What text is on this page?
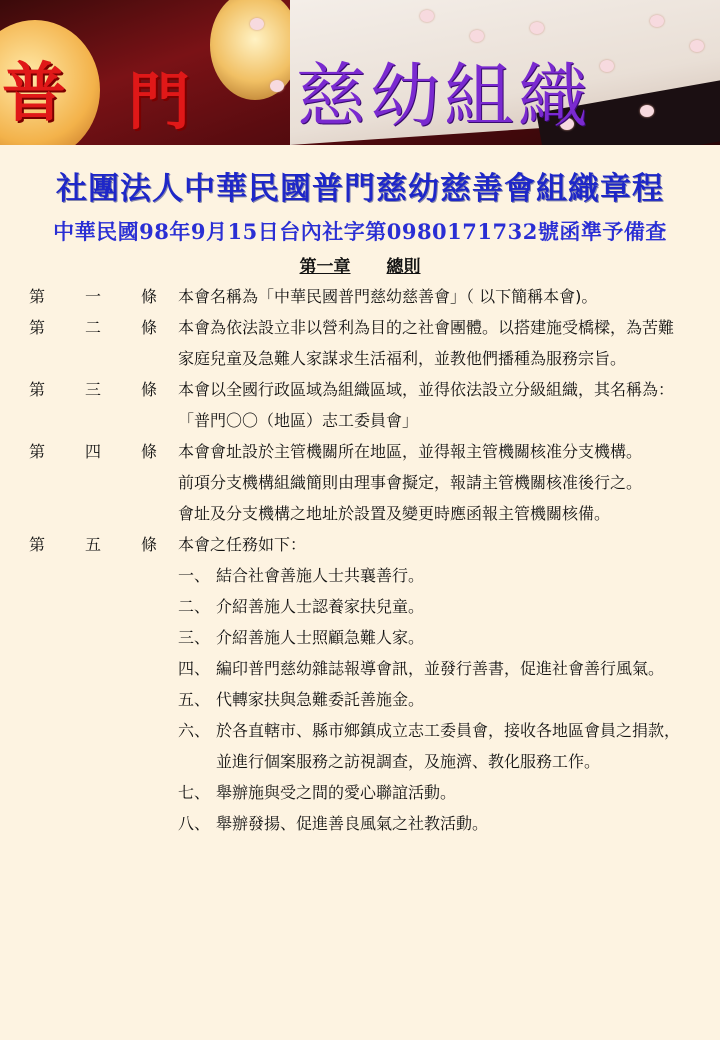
普 門 慈幼組織
社團法人中華民國普門慈幼慈善會組織章程
中華民國98年9月15日台內社字第0980171732號函準予備查
第一章 總則
第 一 條 本會名稱為「中華民國普門慈幼慈善會」（ 以下簡稱本會)。

第 二 條 本會為依法設立非以營利為目的之社會團體。以搭建施受橋樑，為苦難家庭兒童及急難人家謀求生活福利，並教他們播種為服務宗旨。

第 三 條 本會以全國行政區域為組織區域，並得依法設立分級組織，其名稱為：「普門〇〇（地區）志工委員會」

第 四 條 本會會址設於主管機關所在地區，並得報主管機關核准分支機構。

前項分支機構組織簡則由理事會擬定，報請主管機關核准後行之。

會址及分支機構之地址於設置及變更時應函報主管機關核備。

第 五 條 本會之任務如下：

一、 結合社會善施人士共襄善行。
二、 介紹善施人士認養家扶兒童。
三、 介紹善施人士照顧急難人家。
四、 編印普門慈幼雜誌報導會訊，並發行善書，促進社會善行風氣。
五、 代轉家扶與急難委託善施金。
六、 於各直轄市、縣市鄉鎮成立志工委員會，接收各地區會員之捐款，並進行個案服務之訪視調查，及施濟、教化服務工作。
七、 舉辦施與受之間的愛心聯誼活動。
八、 舉辦發揚、促進善良風氣之社教活動。
